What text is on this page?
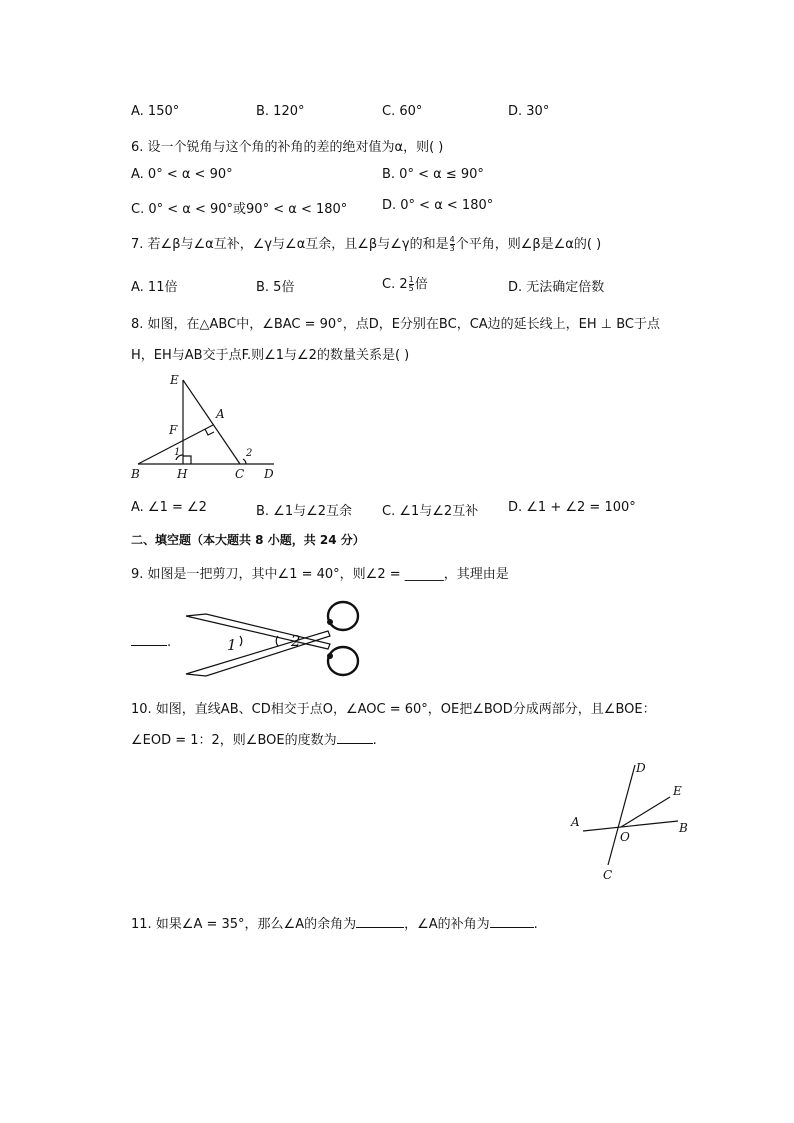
A. 150°	B. 120°	C. 60°	D. 30°
6. 设一个锐角与这个角的补角的差的绝对值为α，则( )
A. 0° < α < 90°	B. 0° < α ≤ 90°
C. 0° < α < 90°或90° < α < 180°	D. 0° < α < 180°
7. 若∠β与∠α互补，∠γ与∠α互余，且∠β与∠γ的和是 $\frac{4}{3}$ 个平角，则∠β是∠α的( )
A. 11倍	B. 5倍	C. $2 \frac{1}{5}$ 倍	D. 无法确定倍数
8. 如图，在△ABC中，∠BAC = 90°，点D，E分别在BC，CA边的延长线上，EH ⊥ BC于点
H，EH与AB交于点F.则∠1与∠2的数量关系是( )
E
A
F
1	2
B	H	C D
A. ∠1 = ∠2	B. ∠1与∠2互余 C. ∠1与∠2互补 D. ∠1 + ∠2 = 100°
二、填空题（本大题共 8 小题，共 24 分）
9. 如图是一把剪刀，其中∠1 = 40°，则∠2 = ______，其理由是
.	1	2
10. 如图，直线AB、CD相交于点O，∠AOC = 60°，OE把∠BOD分成两部分，且∠BOE：
∠EOD = 1：2，则∠BOE的度数为	.
D
E
A
O
B
C
11. 如果∠A = 35°，那么∠A的余角为	，∠A的补角为	.
